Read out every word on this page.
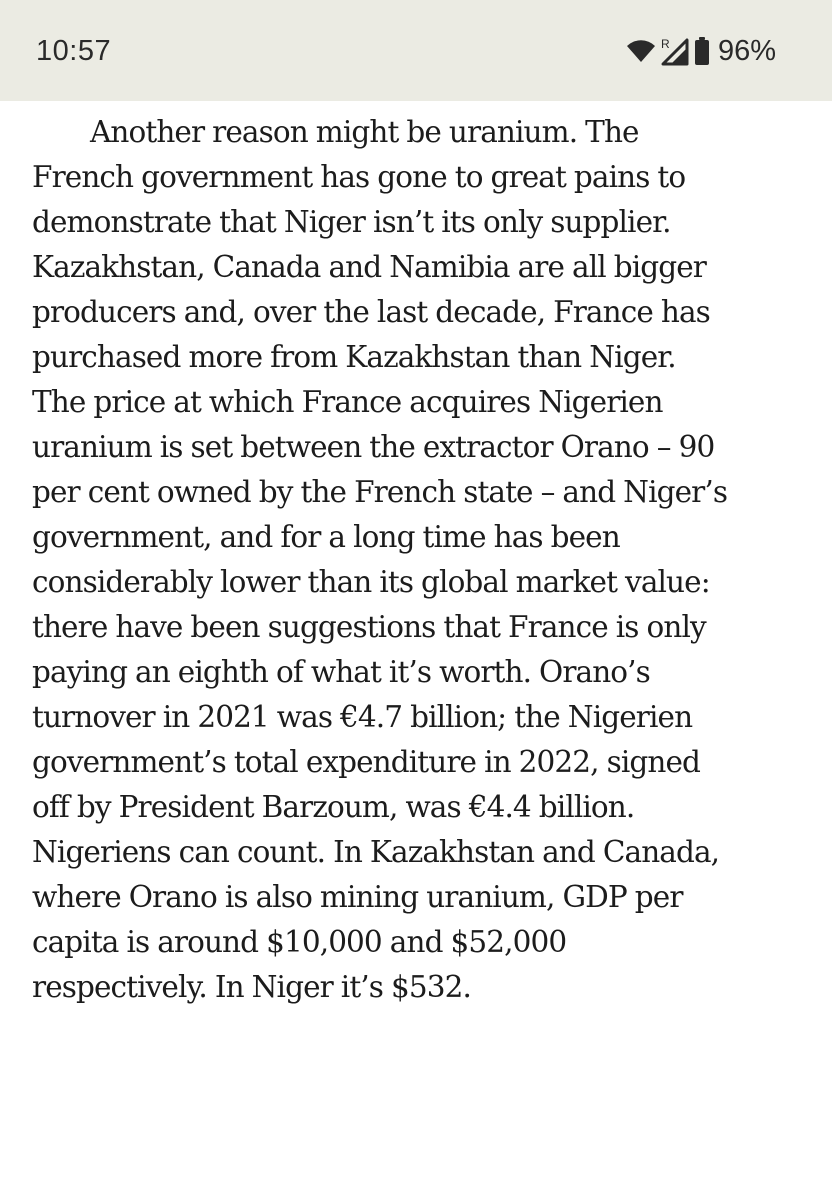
10:57	R 96%

Another reason might be uranium. The
French government has gone to great pains to
demonstrate that Niger isn’t its only supplier.
Kazakhstan, Canada and Namibia are all bigger
producers and, over the last decade, France has
purchased more from Kazakhstan than Niger.
The price at which France acquires Nigerien
uranium is set between the extractor Orano – 90
per cent owned by the French state – and Niger’s
government, and for a long time has been
considerably lower than its global market value:
there have been suggestions that France is only
paying an eighth of what it’s worth. Orano’s
turnover in 2021 was €4.7 billion; the Nigerien
government’s total expenditure in 2022, signed
off by President Barzoum, was €4.4 billion.
Nigeriens can count. In Kazakhstan and Canada,
where Orano is also mining uranium, GDP per
capita is around $10,000 and $52,000
respectively. In Niger it’s $532.
